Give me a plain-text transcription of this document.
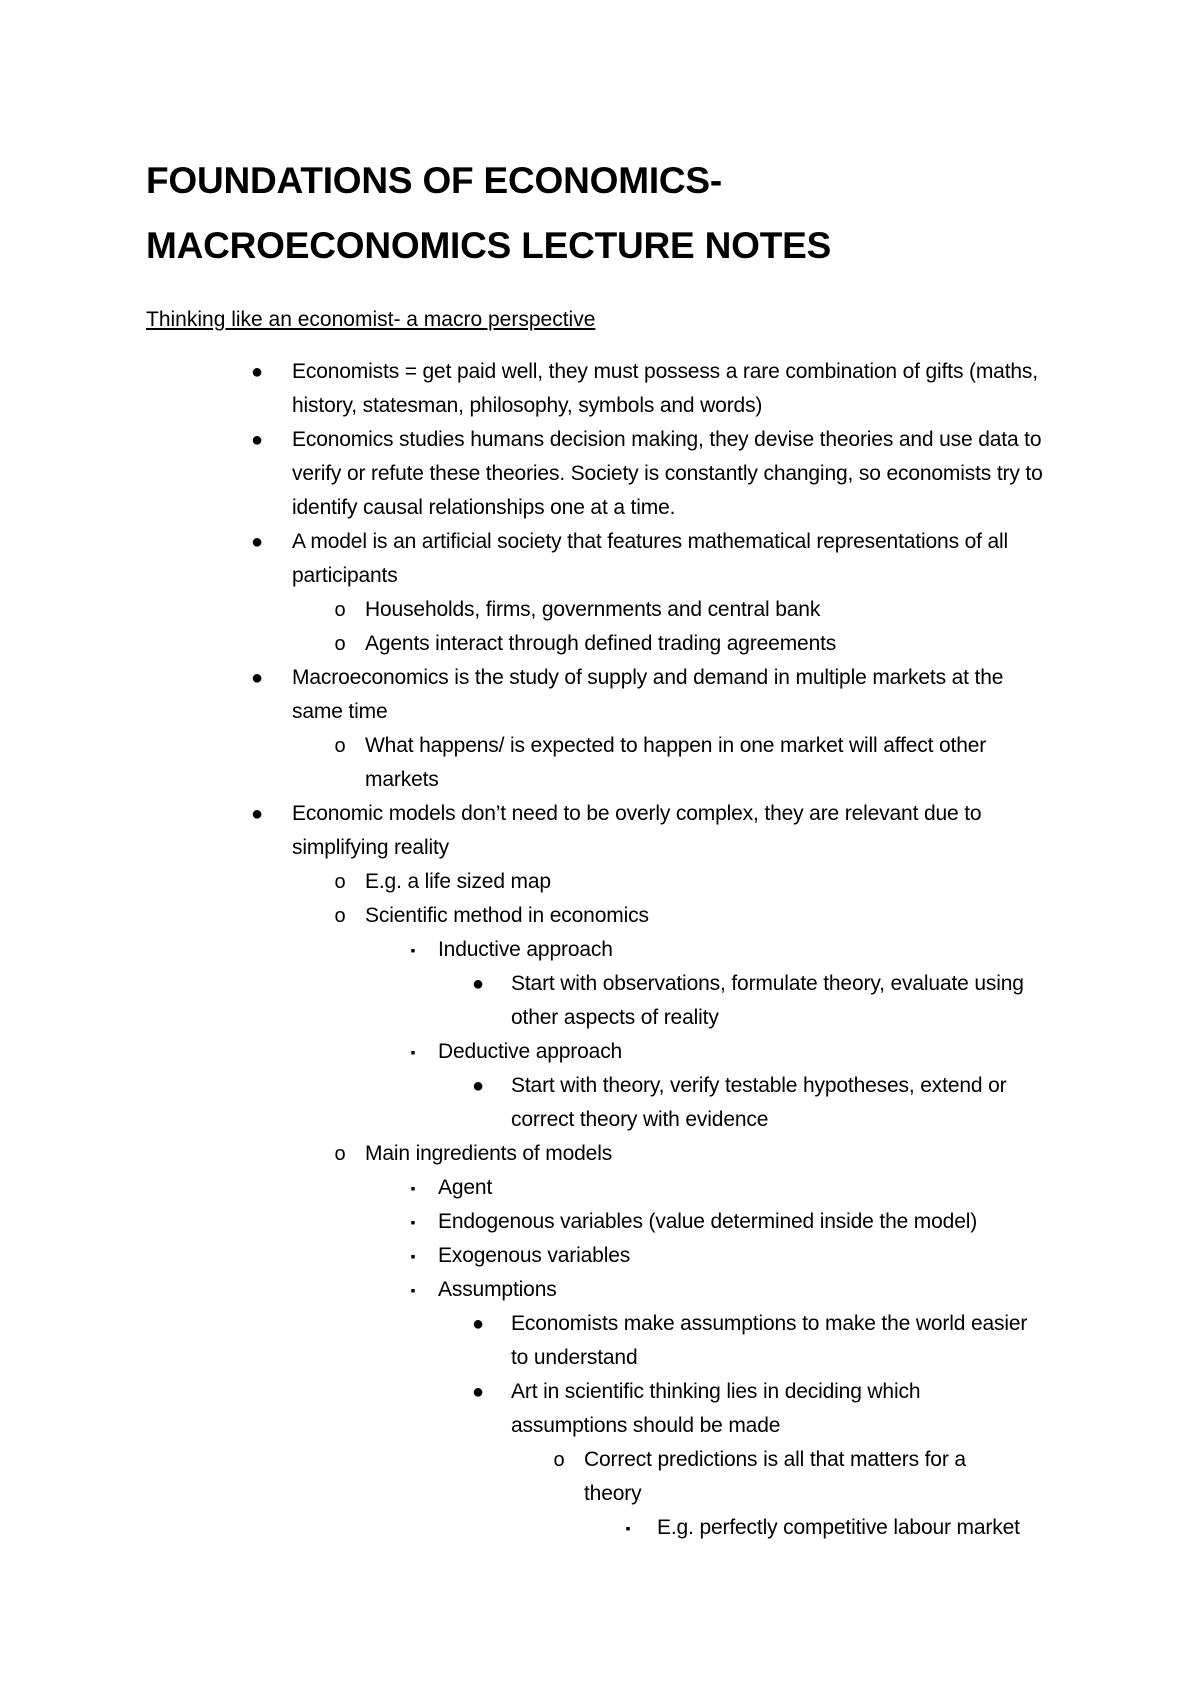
FOUNDATIONS OF ECONOMICS-
MACROECONOMICS LECTURE NOTES

Thinking like an economist- a macro perspective

●	Economists = get paid well, they must possess a rare combination of gifts (maths, history, statesman, philosophy, symbols and words)
●	Economics studies humans decision making, they devise theories and use data to verify or refute these theories. Society is constantly changing, so economists try to identify causal relationships one at a time.
●	A model is an artificial society that features mathematical representations of all participants
o Households, firms, governments and central bank
o Agents interact through defined trading agreements
●	Macroeconomics is the study of supply and demand in multiple markets at the same time
o What happens/ is expected to happen in one market will affect other markets
●	Economic models don’t need to be overly complex, they are relevant due to simplifying reality
o E.g. a life sized map
o Scientific method in economics
▪	Inductive approach
●	Start with observations, formulate theory, evaluate using other aspects of reality
▪	Deductive approach
●	Start with theory, verify testable hypotheses, extend or correct theory with evidence
o Main ingredients of models
▪	Agent
▪	Endogenous variables (value determined inside the model)
▪	Exogenous variables
▪	Assumptions
●	Economists make assumptions to make the world easier to understand
●	Art in scientific thinking lies in deciding which assumptions should be made
o Correct predictions is all that matters for a theory
▪	E.g. perfectly competitive labour market
